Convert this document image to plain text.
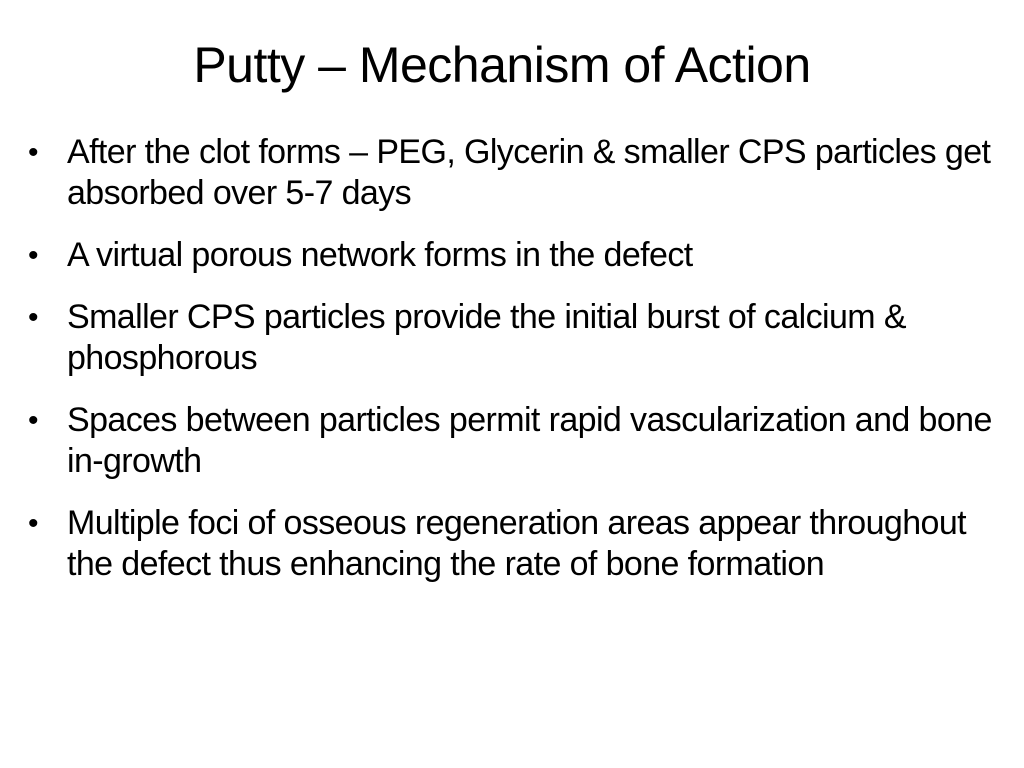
Putty – Mechanism of Action
• After the clot forms – PEG, Glycerin & smaller CPS particles get absorbed over 5-7 days
• A virtual porous network forms in the defect
• Smaller CPS particles provide the initial burst of calcium & phosphorous
• Spaces between particles permit rapid vascularization and bone in-growth
• Multiple foci of osseous regeneration areas appear throughout the defect thus enhancing the rate of bone formation
